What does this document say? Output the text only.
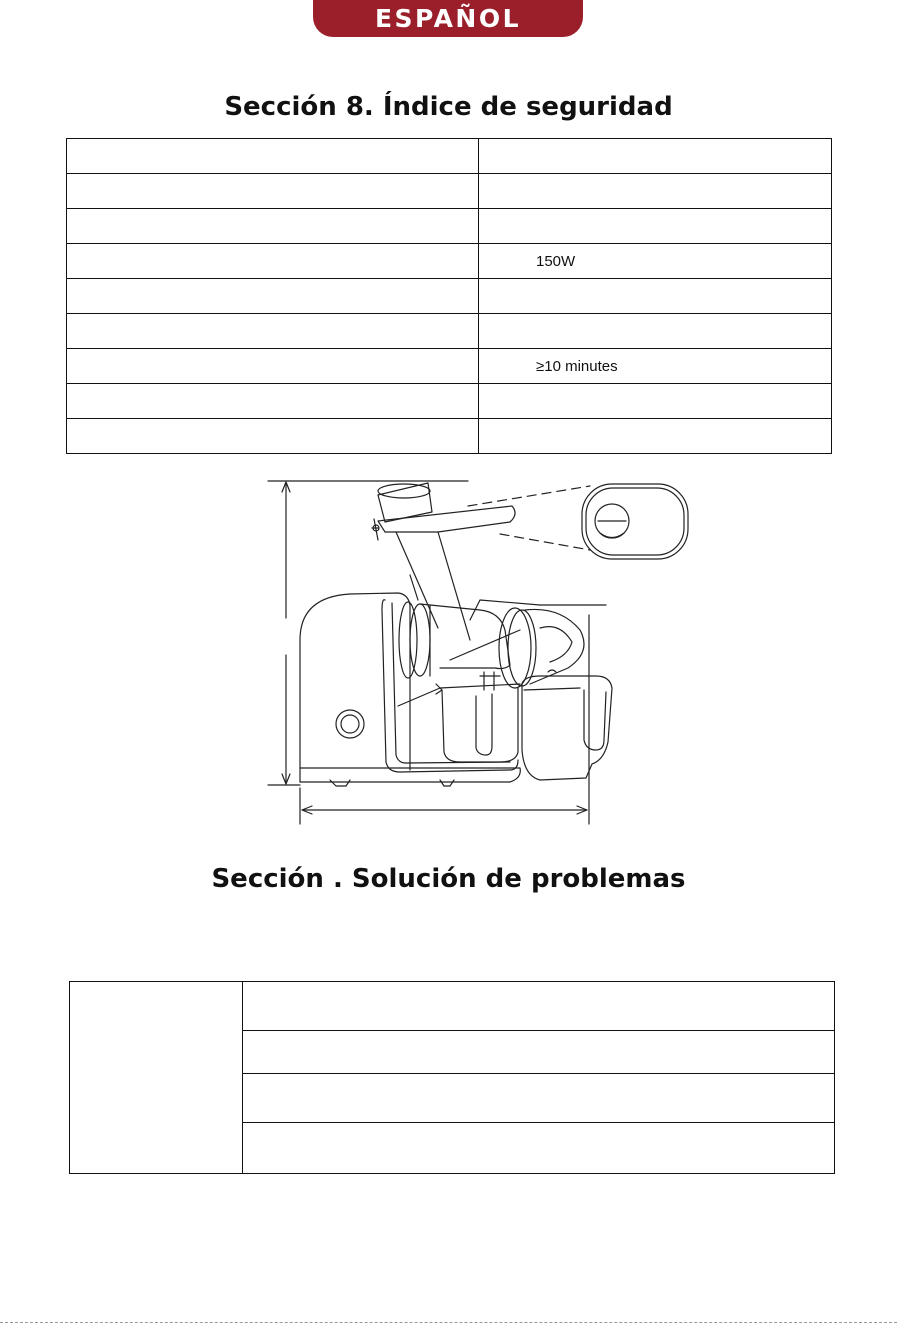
ESPAÑOL
Sección 8. Índice de seguridad

	150W

	≥10 minutes

Sección . Solución de problemas
